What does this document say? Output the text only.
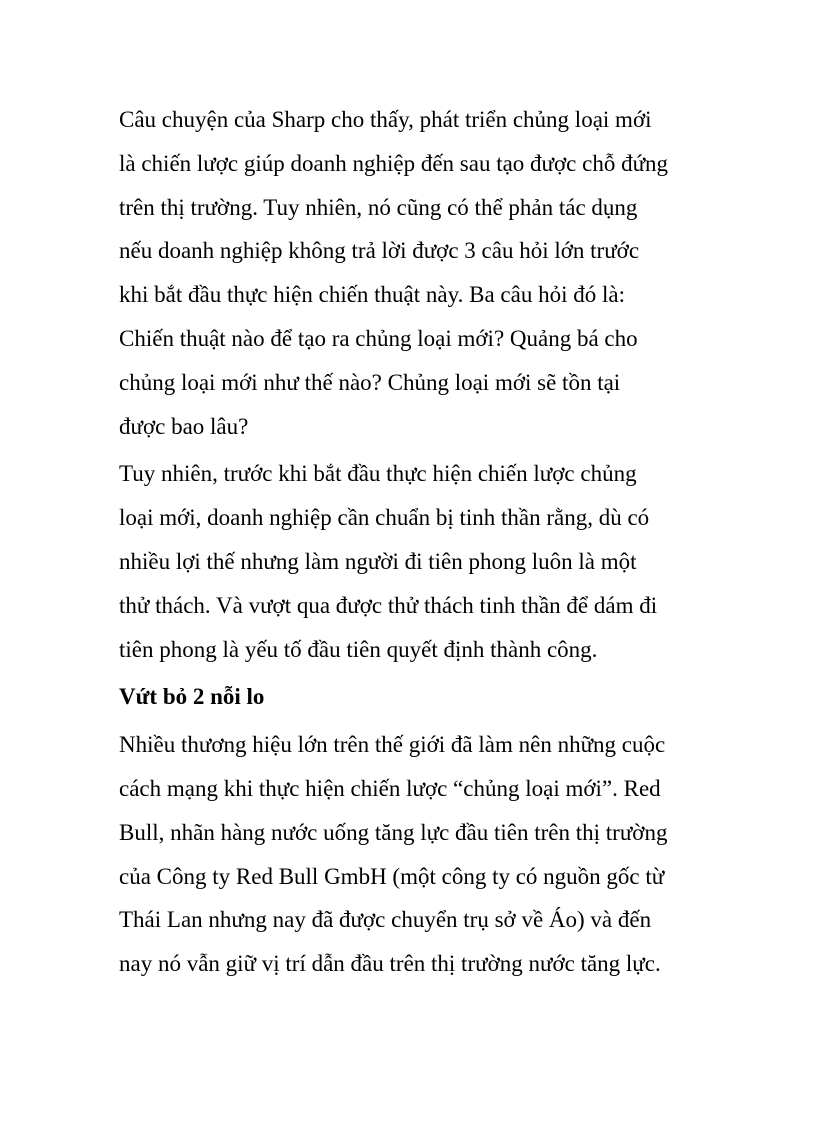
Câu chuyện của Sharp cho thấy, phát triển chủng loại mới
là chiến lược giúp doanh nghiệp đến sau tạo được chỗ đứng
trên thị trường. Tuy nhiên, nó cũng có thể phản tác dụng
nếu doanh nghiệp không trả lời được 3 câu hỏi lớn trước
khi bắt đầu thực hiện chiến thuật này. Ba câu hỏi đó là:
Chiến thuật nào để tạo ra chủng loại mới? Quảng bá cho
chủng loại mới như thế nào? Chủng loại mới sẽ tồn tại
được bao lâu?
Tuy nhiên, trước khi bắt đầu thực hiện chiến lược chủng
loại mới, doanh nghiệp cần chuẩn bị tinh thần rằng, dù có
nhiều lợi thế nhưng làm người đi tiên phong luôn là một
thử thách. Và vượt qua được thử thách tinh thần để dám đi
tiên phong là yếu tố đầu tiên quyết định thành công.
Vứt bỏ 2 nỗi lo
Nhiều thương hiệu lớn trên thế giới đã làm nên những cuộc
cách mạng khi thực hiện chiến lược “chủng loại mới”. Red
Bull, nhãn hàng nước uống tăng lực đầu tiên trên thị trường
của Công ty Red Bull GmbH (một công ty có nguồn gốc từ
Thái Lan nhưng nay đã được chuyển trụ sở về Áo) và đến
nay nó vẫn giữ vị trí dẫn đầu trên thị trường nước tăng lực.
